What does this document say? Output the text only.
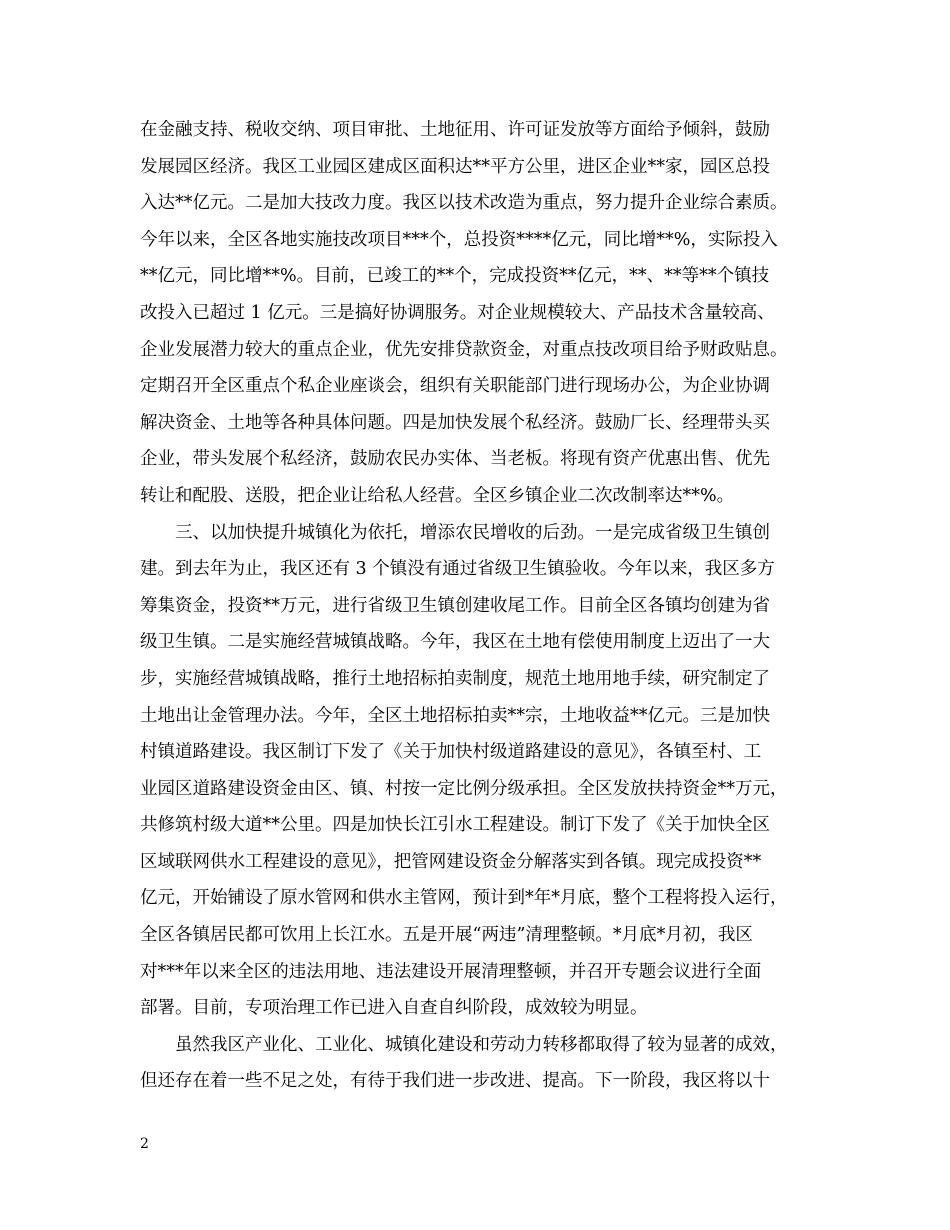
在金融支持、税收交纳、项目审批、土地征用、许可证发放等方面给予倾斜，鼓励
发展园区经济。我区工业园区建成区面积达**平方公里，进区企业**家，园区总投
入达**亿元。二是加大技改力度。我区以技术改造为重点，努力提升企业综合素质。
今年以来，全区各地实施技改项目***个，总投资****亿元，同比增**%，实际投入
**亿元，同比增**%。目前，已竣工的**个，完成投资**亿元，**、**等**个镇技
改投入已超过 1 亿元。三是搞好协调服务。对企业规模较大、产品技术含量较高、
企业发展潜力较大的重点企业，优先安排贷款资金，对重点技改项目给予财政贴息。
定期召开全区重点个私企业座谈会，组织有关职能部门进行现场办公，为企业协调
解决资金、土地等各种具体问题。四是加快发展个私经济。鼓励厂长、经理带头买
企业，带头发展个私经济，鼓励农民办实体、当老板。将现有资产优惠出售、优先
转让和配股、送股，把企业让给私人经营。全区乡镇企业二次改制率达**%。
三、以加快提升城镇化为依托，增添农民增收的后劲。一是完成省级卫生镇创
建。到去年为止，我区还有 3 个镇没有通过省级卫生镇验收。今年以来，我区多方
筹集资金，投资**万元，进行省级卫生镇创建收尾工作。目前全区各镇均创建为省
级卫生镇。二是实施经营城镇战略。今年，我区在土地有偿使用制度上迈出了一大
步，实施经营城镇战略，推行土地招标拍卖制度，规范土地用地手续，研究制定了
土地出让金管理办法。今年，全区土地招标拍卖**宗，土地收益**亿元。三是加快
村镇道路建设。我区制订下发了《关于加快村级道路建设的意见》，各镇至村、工
业园区道路建设资金由区、镇、村按一定比例分级承担。全区发放扶持资金**万元，
共修筑村级大道**公里。四是加快长江引水工程建设。制订下发了《关于加快全区
区域联网供水工程建设的意见》，把管网建设资金分解落实到各镇。现完成投资**
亿元，开始铺设了原水管网和供水主管网，预计到*年*月底，整个工程将投入运行，
全区各镇居民都可饮用上长江水。五是开展“两违”清理整顿。*月底*月初，我区
对***年以来全区的违法用地、违法建设开展清理整顿，并召开专题会议进行全面
部署。目前，专项治理工作已进入自查自纠阶段，成效较为明显。
虽然我区产业化、工业化、城镇化建设和劳动力转移都取得了较为显著的成效，
但还存在着一些不足之处，有待于我们进一步改进、提高。下一阶段，我区将以十
2
